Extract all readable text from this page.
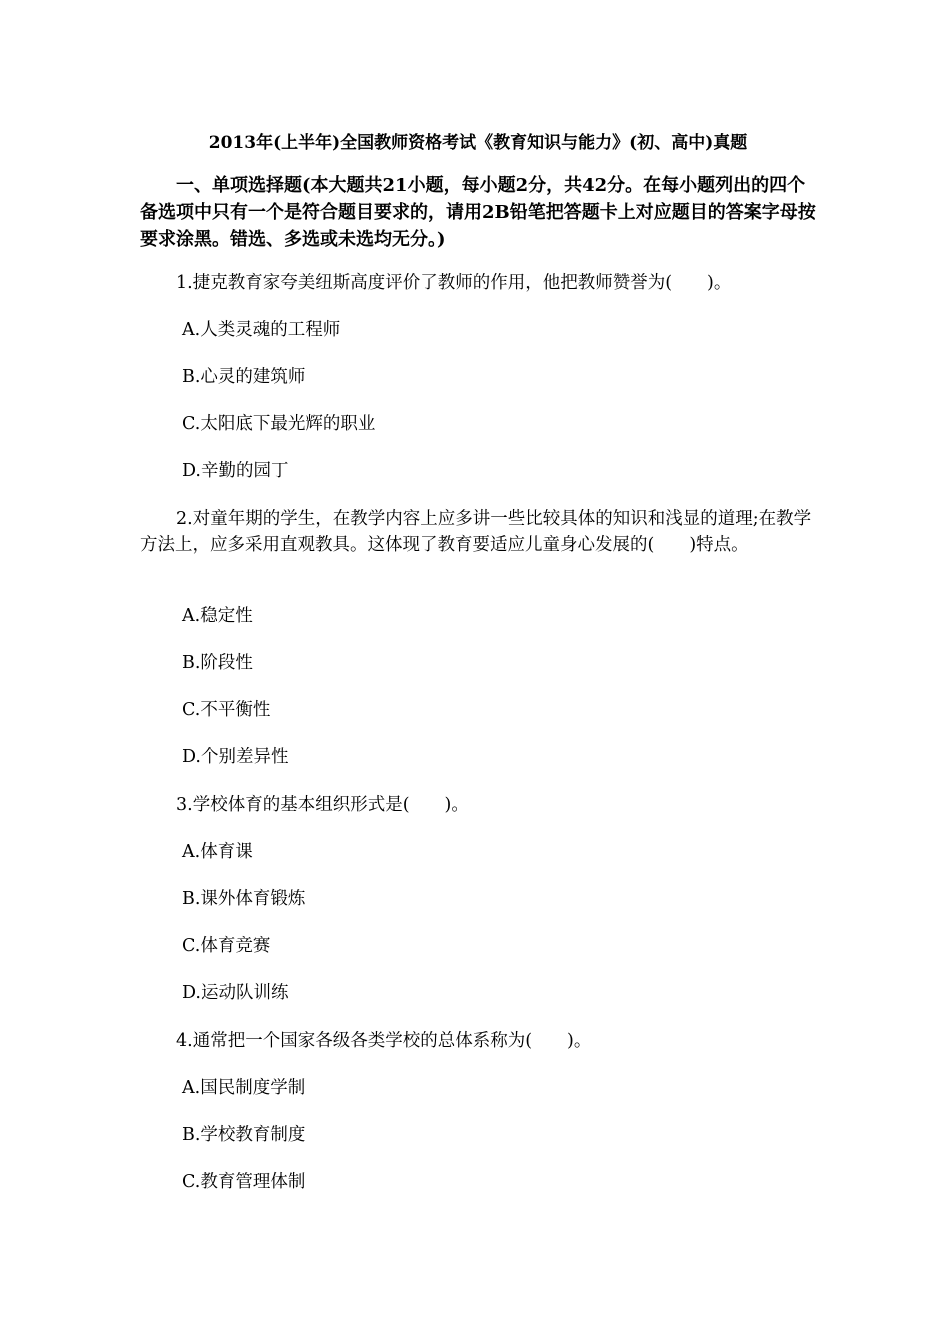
2013年(上半年)全国教师资格考试《教育知识与能力》(初、高中)真题
一、单项选择题(本大题共21小题，每小题2分，共42分。在每小题列出的四个备选项中只有一个是符合题目要求的，请用2B铅笔把答题卡上对应题目的答案字母按要求涂黑。错选、多选或未选均无分。)
1.捷克教育家夸美纽斯高度评价了教师的作用，他把教师赞誉为(　　)。
A.人类灵魂的工程师
B.心灵的建筑师
C.太阳底下最光辉的职业
D.辛勤的园丁
2.对童年期的学生，在教学内容上应多讲一些比较具体的知识和浅显的道理;在教学方法上，应多采用直观教具。这体现了教育要适应儿童身心发展的(　　)特点。
A.稳定性
B.阶段性
C.不平衡性
D.个别差异性
3.学校体育的基本组织形式是(　　)。
A.体育课
B.课外体育锻炼
C.体育竞赛
D.运动队训练
4.通常把一个国家各级各类学校的总体系称为(　　)。
A.国民制度学制
B.学校教育制度
C.教育管理体制
